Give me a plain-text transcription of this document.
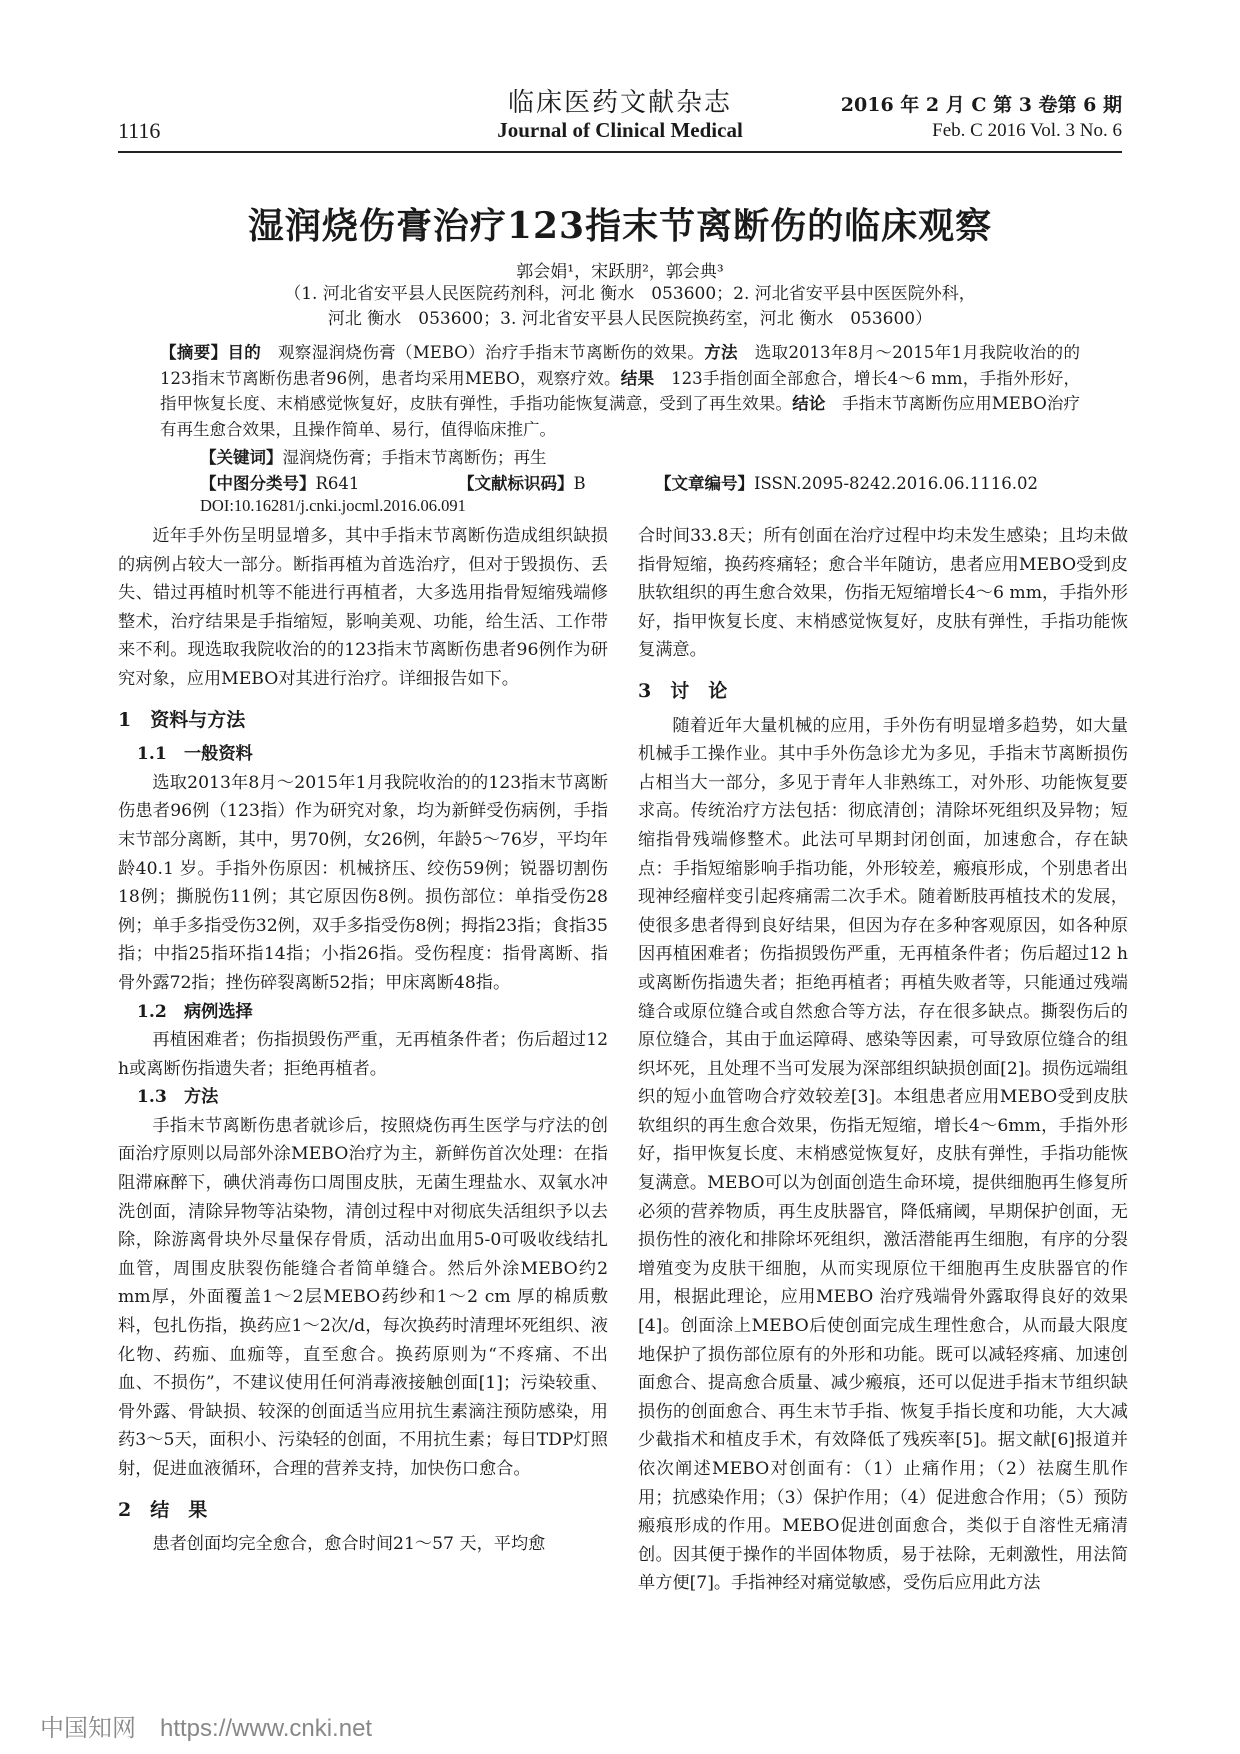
临床医药文献杂志
Journal of Clinical Medical
1116
2016 年 2 月 C 第 3 卷第 6 期
Feb. C 2016 Vol. 3 No. 6
湿润烧伤膏治疗123指末节离断伤的临床观察
郭会娟¹，宋跃朋²，郭会典³
（1. 河北省安平县人民医院药剂科，河北 衡水　053600；2. 河北省安平县中医医院外科，
河北 衡水　053600；3. 河北省安平县人民医院换药室，河北 衡水　053600）
【摘要】目的　观察湿润烧伤膏（MEBO）治疗手指末节离断伤的效果。方法　选取2013年8月～2015年1月我院收治的的123指末节离断伤患者96例，患者均采用MEBO，观察疗效。结果　123手指创面全部愈合，增长4～6 mm，手指外形好，指甲恢复长度、末梢感觉恢复好，皮肤有弹性，手指功能恢复满意，受到了再生效果。结论　手指末节离断伤应用MEBO治疗有再生愈合效果，且操作简单、易行，值得临床推广。
【关键词】湿润烧伤膏；手指末节离断伤；再生
【中图分类号】R641	【文献标识码】B	【文章编号】ISSN.2095-8242.2016.06.1116.02
DOI:10.16281/j.cnki.jocml.2016.06.091

近年手外伤呈明显增多，其中手指末节离断伤造成组织缺损的病例占较大一部分。断指再植为首选治疗，但对于毁损伤、丢失、错过再植时机等不能进行再植者，大多选用指骨短缩残端修整术，治疗结果是手指缩短，影响美观、功能，给生活、工作带来不利。现选取我院收治的的123指末节离断伤患者96例作为研究对象，应用MEBO对其进行治疗。详细报告如下。

1　资料与方法

1.1　一般资料

选取2013年8月～2015年1月我院收治的的123指末节离断伤患者96例（123指）作为研究对象，均为新鲜受伤病例，手指末节部分离断，其中，男70例，女26例，年龄5～76岁，平均年龄40.1 岁。手指外伤原因：机械挤压、绞伤59例；锐器切割伤18例；撕脱伤11例；其它原因伤8例。损伤部位：单指受伤28例；单手多指受伤32例，双手多指受伤8例；拇指23指；食指35指；中指25指环指14指；小指26指。受伤程度：指骨离断、指骨外露72指；挫伤碎裂离断52指；甲床离断48指。

1.2　病例选择

再植困难者；伤指损毁伤严重，无再植条件者；伤后超过12 h或离断伤指遗失者；拒绝再植者。

1.3　方法

手指末节离断伤患者就诊后，按照烧伤再生医学与疗法的创面治疗原则以局部外涂MEBO治疗为主，新鲜伤首次处理：在指阻滞麻醉下，碘伏消毒伤口周围皮肤，无菌生理盐水、双氧水冲洗创面，清除异物等沾染物，清创过程中对彻底失活组织予以去除，除游离骨块外尽量保存骨质，活动出血用5-0可吸收线结扎血管，周围皮肤裂伤能缝合者简单缝合。然后外涂MEBO约2 mm厚，外面覆盖1～2层MEBO药纱和1～2 cm 厚的棉质敷料，包扎伤指，换药应1～2次/d，每次换药时清理坏死组织、液化物、药痂、血痂等，直至愈合。换药原则为“不疼痛、不出血、不损伤”，不建议使用任何消毒液接触创面[1]；污染较重、骨外露、骨缺损、较深的创面适当应用抗生素滴注预防感染，用药3～5天，面积小、污染轻的创面，不用抗生素；每日TDP灯照射，促进血液循环，合理的营养支持，加快伤口愈合。

2　结　果

患者创面均完全愈合，愈合时间21～57 天，平均愈

合时间33.8天；所有创面在治疗过程中均未发生感染；且均未做指骨短缩，换药疼痛轻；愈合半年随访，患者应用MEBO受到皮肤软组织的再生愈合效果，伤指无短缩增长4～6 mm，手指外形好，指甲恢复长度、末梢感觉恢复好，皮肤有弹性，手指功能恢复满意。

3　讨　论

随着近年大量机械的应用，手外伤有明显增多趋势，如大量机械手工操作业。其中手外伤急诊尤为多见，手指末节离断损伤占相当大一部分，多见于青年人非熟练工，对外形、功能恢复要求高。传统治疗方法包括：彻底清创；清除坏死组织及异物；短缩指骨残端修整术。此法可早期封闭创面，加速愈合，存在缺点：手指短缩影响手指功能，外形较差，瘢痕形成，个别患者出现神经瘤样变引起疼痛需二次手术。随着断肢再植技术的发展，使很多患者得到良好结果，但因为存在多种客观原因，如各种原因再植困难者；伤指损毁伤严重，无再植条件者；伤后超过12 h或离断伤指遗失者；拒绝再植者；再植失败者等，只能通过残端缝合或原位缝合或自然愈合等方法，存在很多缺点。撕裂伤后的原位缝合，其由于血运障碍、感染等因素，可导致原位缝合的组织坏死，且处理不当可发展为深部组织缺损创面[2]。损伤远端组织的短小血管吻合疗效较差[3]。本组患者应用MEBO受到皮肤软组织的再生愈合效果，伤指无短缩，增长4～6mm，手指外形好，指甲恢复长度、末梢感觉恢复好，皮肤有弹性，手指功能恢复满意。MEBO可以为创面创造生命环境，提供细胞再生修复所必须的营养物质，再生皮肤器官，降低痛阈，早期保护创面，无损伤性的液化和排除坏死组织，激活潜能再生细胞，有序的分裂增殖变为皮肤干细胞，从而实现原位干细胞再生皮肤器官的作用，根据此理论，应用MEBO 治疗残端骨外露取得良好的效果[4]。创面涂上MEBO后使创面完成生理性愈合，从而最大限度地保护了损伤部位原有的外形和功能。既可以减轻疼痛、加速创面愈合、提高愈合质量、减少瘢痕，还可以促进手指末节组织缺损伤的创面愈合、再生末节手指、恢复手指长度和功能，大大减少截指术和植皮手术，有效降低了残疾率[5]。据文献[6]报道并依次阐述MEBO对创面有：（1）止痛作用；（2）祛腐生肌作用；抗感染作用；（3）保护作用；（4）促进愈合作用；（5）预防瘢痕形成的作用。MEBO促进创面愈合，类似于自溶性无痛清创。因其便于操作的半固体物质，易于祛除，无刺激性，用法简单方便[7]。手指神经对痛觉敏感，受伤后应用此方法

中国知网　https://www.cnki.net
